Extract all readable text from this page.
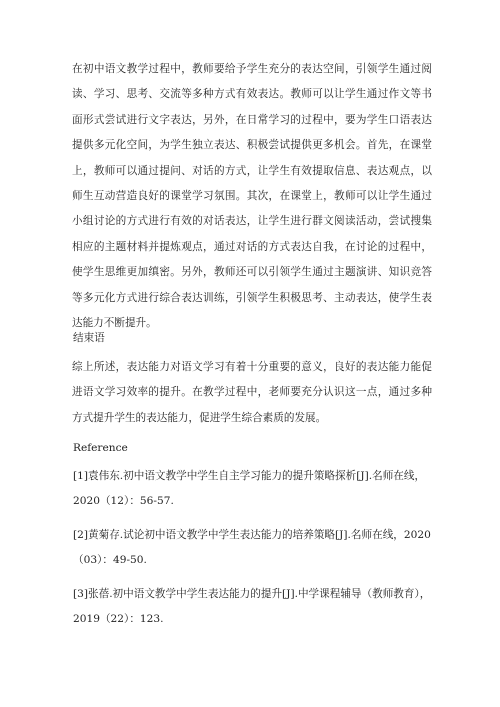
在初中语文教学过程中，教师要给予学生充分的表达空间，引领学生通过阅读、学习、思考、交流等多种方式有效表达。教师可以让学生通过作文等书面形式尝试进行文字表达，另外，在日常学习的过程中，要为学生口语表达提供多元化空间，为学生独立表达、积极尝试提供更多机会。首先，在课堂上，教师可以通过提问、对话的方式，让学生有效提取信息、表达观点，以师生互动营造良好的课堂学习氛围。其次，在课堂上，教师可以让学生通过小组讨论的方式进行有效的对话表达，让学生进行群文阅读活动，尝试搜集相应的主题材料并提炼观点，通过对话的方式表达自我，在讨论的过程中，使学生思维更加缜密。另外，教师还可以引领学生通过主题演讲、知识竞答等多元化方式进行综合表达训练，引领学生积极思考、主动表达，使学生表达能力不断提升。

结束语

综上所述，表达能力对语文学习有着十分重要的意义，良好的表达能力能促进语文学习效率的提升。在教学过程中，老师要充分认识这一点，通过多种方式提升学生的表达能力，促进学生综合素质的发展。

Reference

[1]袁伟东.初中语文教学中学生自主学习能力的提升策略探析[J].名师在线，2020（12）：56-57.

[2]黄菊存.试论初中语文教学中学生表达能力的培养策略[J].名师在线，2020（03）：49-50.

[3]张蓓.初中语文教学中学生表达能力的提升[J].中学课程辅导（教师教育），2019（22）：123.
